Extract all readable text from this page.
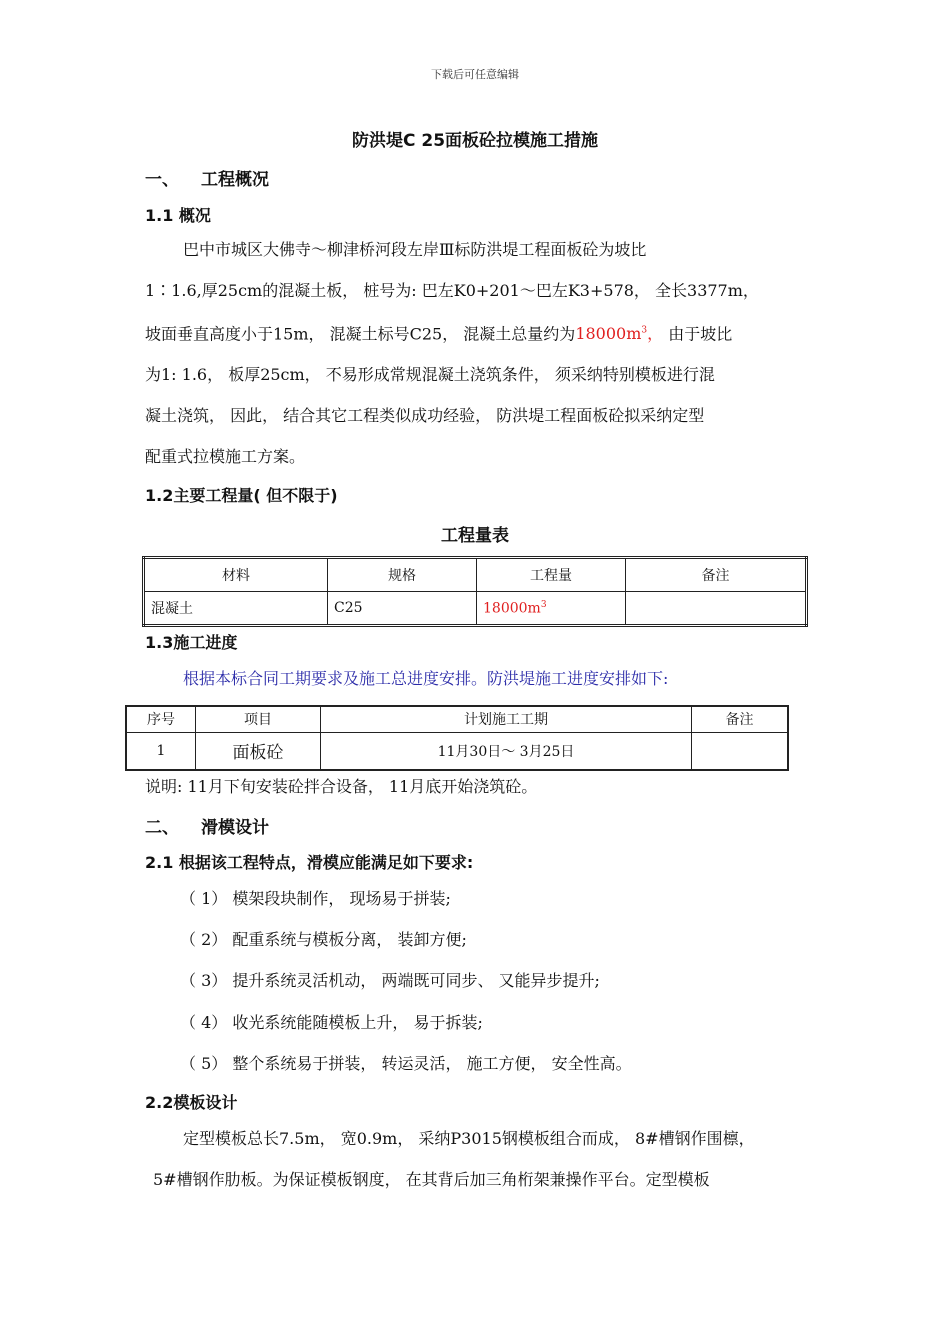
下载后可任意编辑
防洪堤C 25面板砼拉模施工措施
一、 工程概况
1.1 概况
巴中市城区大佛寺～柳津桥河段左岸Ⅲ标防洪堤工程面板砼为坡比
1∶1.6,厚25cm的混凝土板， 桩号为: 巴左K0+201～巴左K3+578， 全长3377m，
坡面垂直高度小于15m， 混凝土标号C25， 混凝土总量约为$18000m^3$， 由于坡比
为1: 1.6， 板厚25cm， 不易形成常规混凝土浇筑条件， 须采纳特别模板进行混
凝土浇筑， 因此， 结合其它工程类似成功经验， 防洪堤工程面板砼拟采纳定型
配重式拉模施工方案。
1.2主要工程量( 但不限于)
工程量表
材料	规格	工程量	备注
混凝土	C25	$18000m^3$	
1.3施工进度
根据本标合同工期要求及施工总进度安排。防洪堤施工进度安排如下:
序号	项目	计划施工工期	备注
1	面板砼	11月30日～ 3月25日	
说明: 11月下旬安装砼拌合设备， 11月底开始浇筑砼。
二、 滑模设计
2.1 根据该工程特点，滑模应能满足如下要求:
（ 1） 模架段块制作， 现场易于拼装;
（ 2） 配重系统与模板分离， 装卸方便;
（ 3） 提升系统灵活机动， 两端既可同步、 又能异步提升;
（ 4） 收光系统能随模板上升， 易于拆装;
（ 5） 整个系统易于拼装， 转运灵活， 施工方便， 安全性高。
2.2模板设计
定型模板总长7.5m， 宽0.9m， 采纳P3015钢模板组合而成， 8#槽钢作围檩，
5#槽钢作肋板。为保证模板钢度， 在其背后加三角桁架兼操作平台。定型模板
